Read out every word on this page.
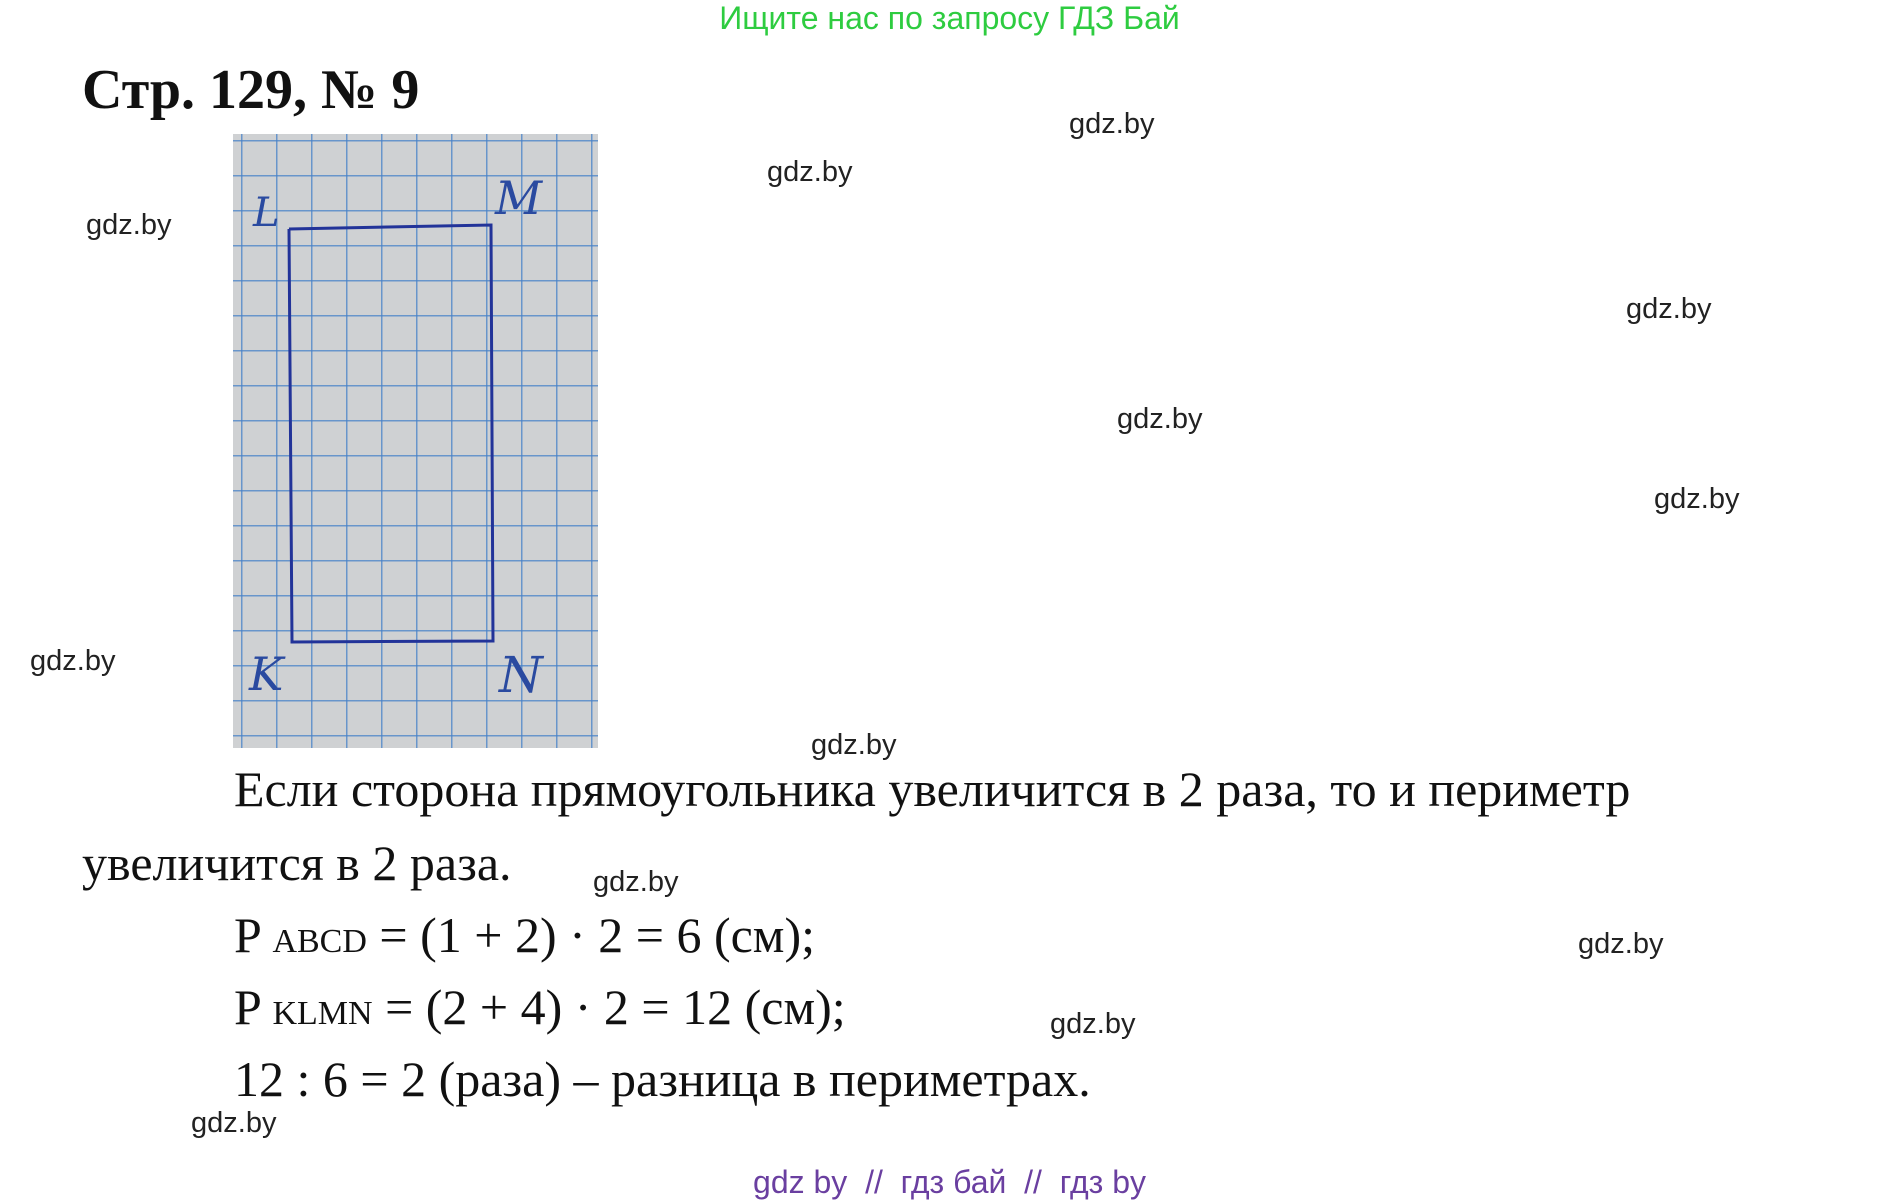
Ищите нас по запросу ГДЗ Бай
Стр. 129, № 9
L	M
K	N
gdz.by
gdz.by
gdz.by
gdz.by
gdz.by
gdz.by
gdz.by
gdz.by
gdz.by
gdz.by
gdz.by
gdz.by
Если сторона прямоугольника увеличится в 2 раза, то и периметр
увеличится в 2 раза.
P ABCD = (1 + 2) · 2 = 6 (см);
P KLMN = (2 + 4) · 2 = 12 (см);
12 : 6 = 2 (раза) – разница в периметрах.
gdz by  //  гдз бай  //  гдз by
